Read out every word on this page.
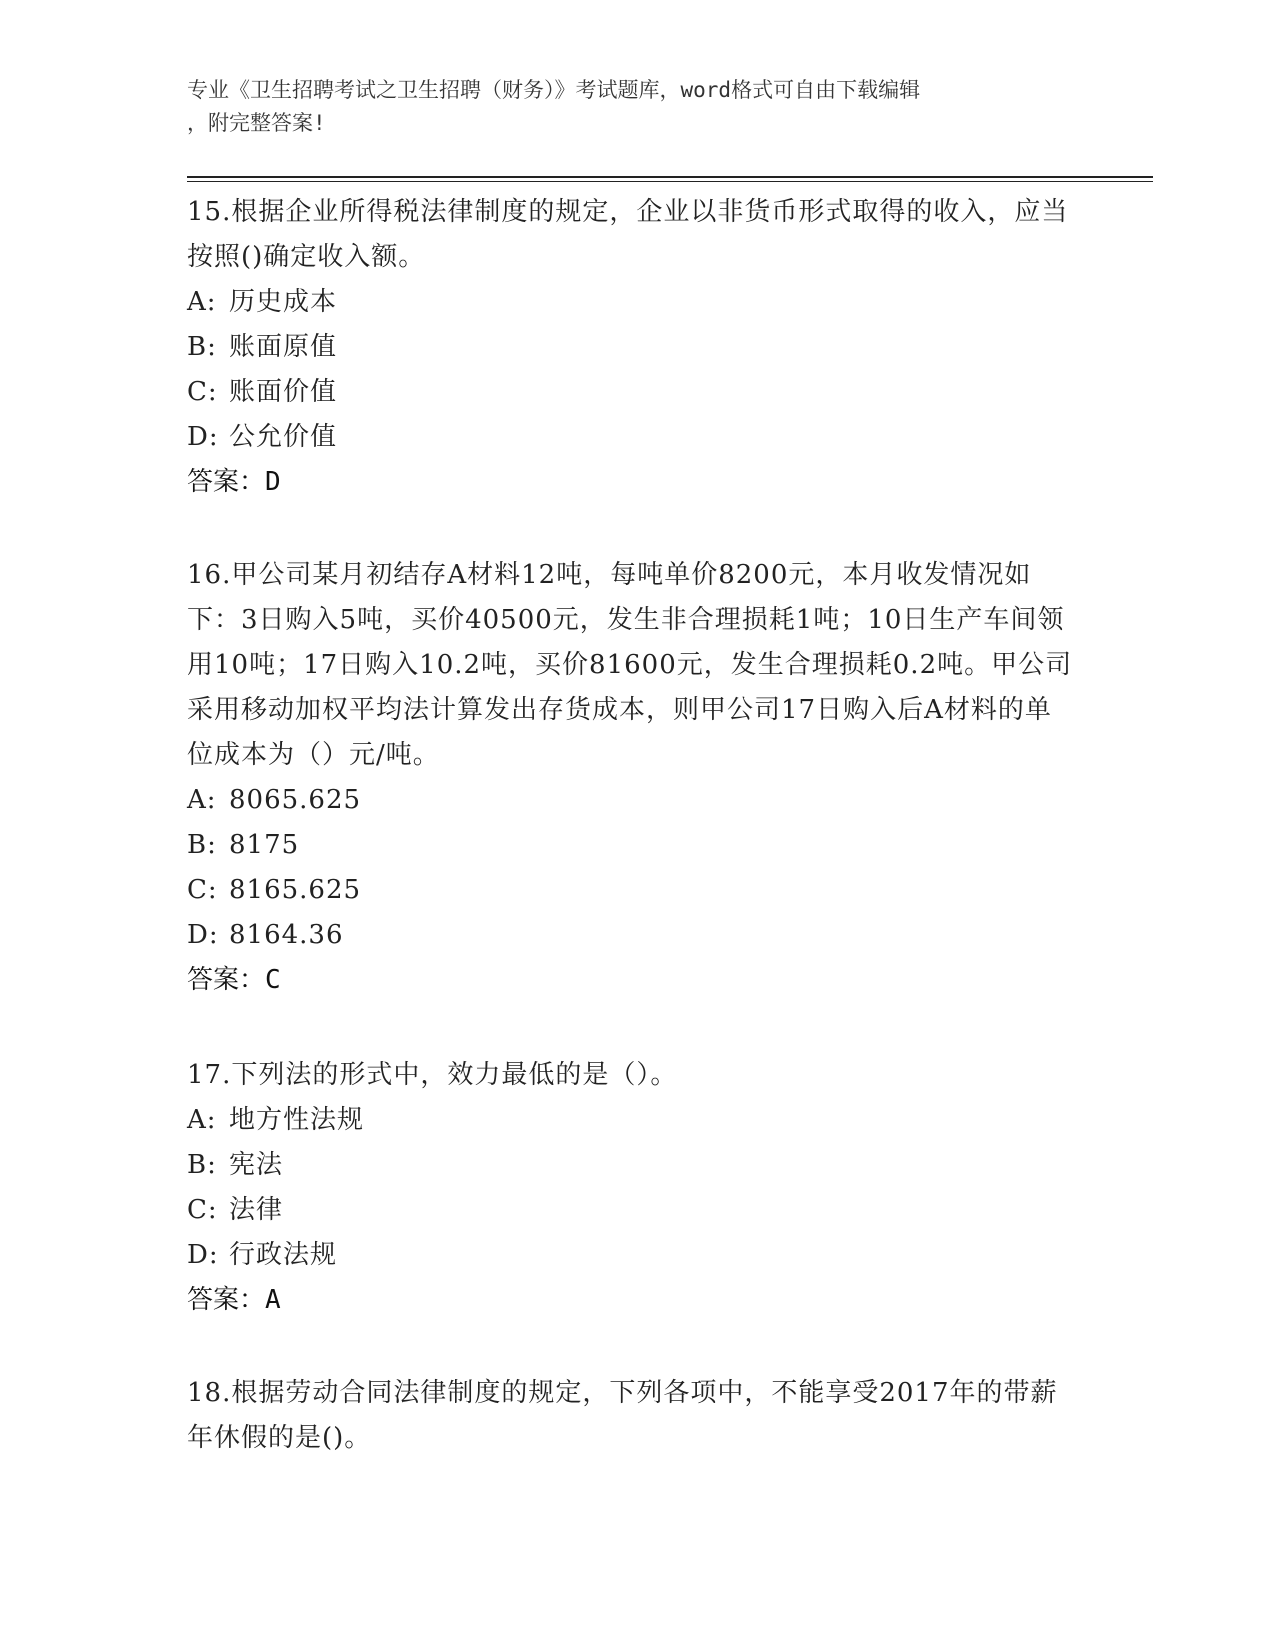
专业《卫生招聘考试之卫生招聘（财务）》考试题库，word格式可自由下载编辑
，附完整答案!
15.根据企业所得税法律制度的规定，企业以非货币形式取得的收入，应当按照()确定收入额。
A: 历史成本
B: 账面原值
C: 账面价值
D: 公允价值
答案：D
16.甲公司某月初结存A材料12吨，每吨单价8200元，本月收发情况如下：3日购入5吨，买价40500元，发生非合理损耗1吨；10日生产车间领用10吨；17日购入10.2吨，买价81600元，发生合理损耗0.2吨。甲公司采用移动加权平均法计算发出存货成本，则甲公司17日购入后A材料的单位成本为（）元/吨。
A: 8065.625
B: 8175
C: 8165.625
D: 8164.36
答案：C
17.下列法的形式中，效力最低的是（）。
A: 地方性法规
B: 宪法
C: 法律
D: 行政法规
答案：A
18.根据劳动合同法律制度的规定，下列各项中，不能享受2017年的带薪年休假的是()。
